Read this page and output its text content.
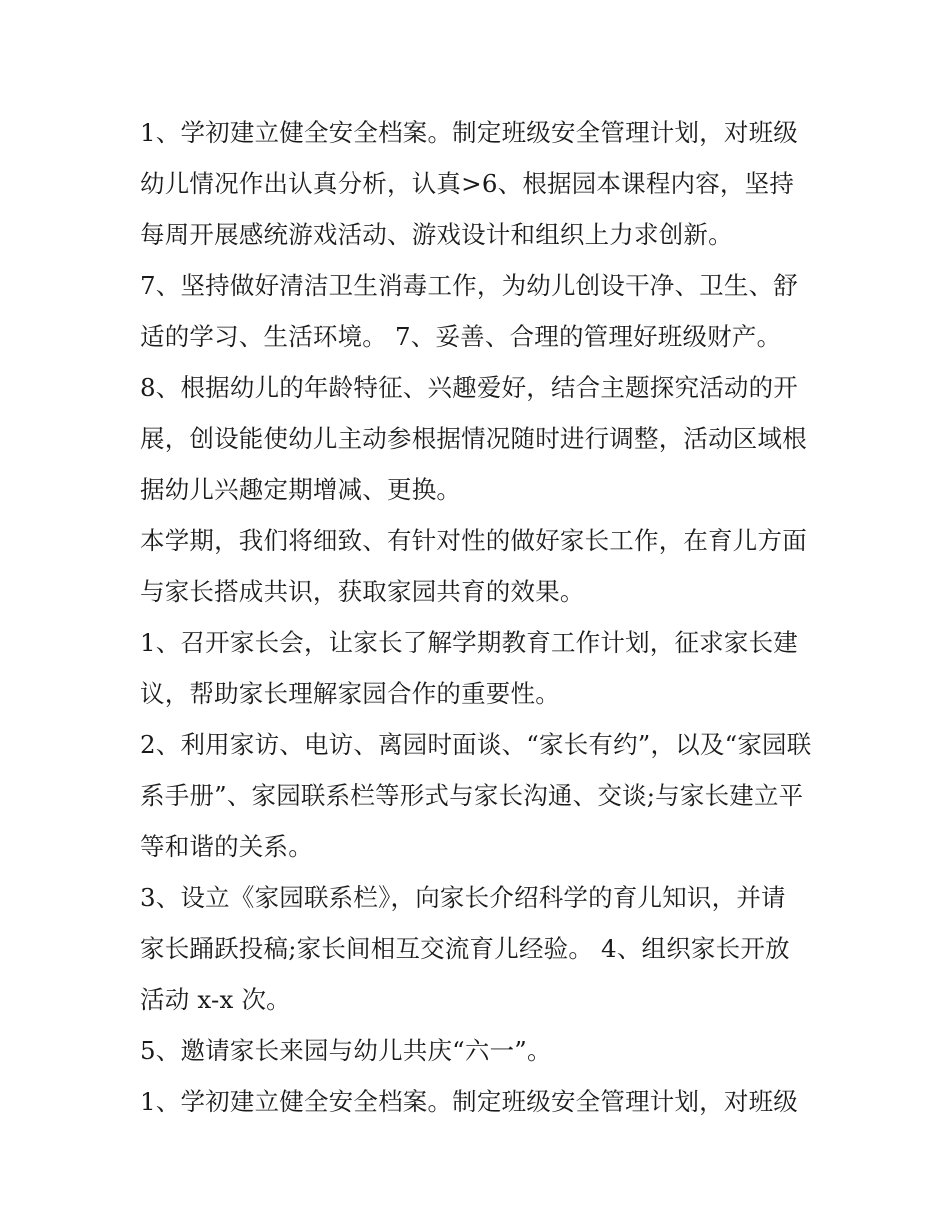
1、学初建立健全安全档案。制定班级安全管理计划，对班级
幼儿情况作出认真分析，认真>6、根据园本课程内容，坚持
每周开展感统游戏活动、游戏设计和组织上力求创新。
7、坚持做好清洁卫生消毒工作，为幼儿创设干净、卫生、舒
适的学习、生活环境。 7、妥善、合理的管理好班级财产。
8、根据幼儿的年龄特征、兴趣爱好，结合主题探究活动的开
展，创设能使幼儿主动参根据情况随时进行调整，活动区域根
据幼儿兴趣定期增减、更换。
本学期，我们将细致、有针对性的做好家长工作，在育儿方面
与家长搭成共识，获取家园共育的效果。
1、召开家长会，让家长了解学期教育工作计划，征求家长建
议，帮助家长理解家园合作的重要性。
2、利用家访、电访、离园时面谈、“家长有约”，以及“家园联
系手册”、家园联系栏等形式与家长沟通、交谈;与家长建立平
等和谐的关系。
3、设立《家园联系栏》，向家长介绍科学的育儿知识，并请
家长踊跃投稿;家长间相互交流育儿经验。 4、组织家长开放
活动 x-x 次。
5、邀请家长来园与幼儿共庆“六一”。
1、学初建立健全安全档案。制定班级安全管理计划，对班级
